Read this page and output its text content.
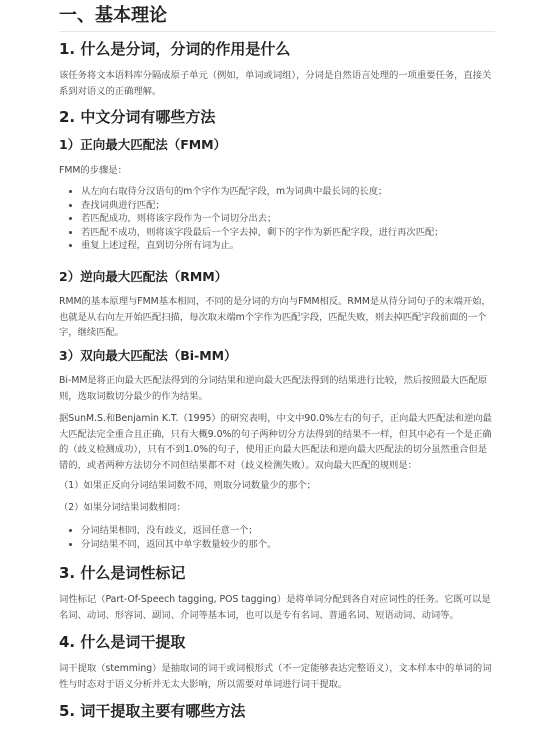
一、基本理论
1. 什么是分词，分词的作用是什么

该任务将文本语料库分隔成原子单元（例如，单词或词组），分词是自然语言处理的一项重要任务，直接关系到对语义的正确理解。

2. 中文分词有哪些方法
1）正向最大匹配法（FMM）

FMM的步骤是：

• 从左向右取待分汉语句的m个字作为匹配字段，m为词典中最长词的长度；
• 查找词典进行匹配；
• 若匹配成功，则将该字段作为一个词切分出去；
• 若匹配不成功，则将该字段最后一个字去掉，剩下的字作为新匹配字段，进行再次匹配；
• 重复上述过程，直到切分所有词为止。
2）逆向最大匹配法（RMM）

RMM的基本原理与FMM基本相同，不同的是分词的方向与FMM相反。RMM是从待分词句子的末端开始，也就是从右向左开始匹配扫描，每次取末端m个字作为匹配字段，匹配失败，则去掉匹配字段前面的一个字，继续匹配。

3）双向最大匹配法（Bi-MM）

Bi-MM是将正向最大匹配法得到的分词结果和逆向最大匹配法得到的结果进行比较，然后按照最大匹配原则，选取词数切分最少的作为结果。

据SunM.S.和Benjamin K.T.（1995）的研究表明，中文中90.0%左右的句子，正向最大匹配法和逆向最大匹配法完全重合且正确，只有大概9.0%的句子两种切分方法得到的结果不一样，但其中必有一个是正确的（歧义检测成功），只有不到1.0%的句子，使用正向最大匹配法和逆向最大匹配法的切分虽然重合但是错的，或者两种方法切分不同但结果都不对（歧义检测失败）。双向最大匹配的规则是：

（1）如果正反向分词结果词数不同，则取分词数量少的那个；

（2）如果分词结果词数相同：

• 分词结果相同，没有歧义，返回任意一个；
• 分词结果不同，返回其中单字数量较少的那个。
3. 什么是词性标记

词性标记（Part-Of-Speech tagging, POS tagging）是将单词分配到各自对应词性的任务。它既可以是名词、动词、形容词、副词、介词等基本词，也可以是专有名词、普通名词、短语动词、动词等。

4. 什么是词干提取

词干提取（stemming）是抽取词的词干或词根形式（不一定能够表达完整语义），文本样本中的单词的词性与时态对于语义分析并无太大影响，所以需要对单词进行词干提取。

5. 词干提取主要有哪些方法
